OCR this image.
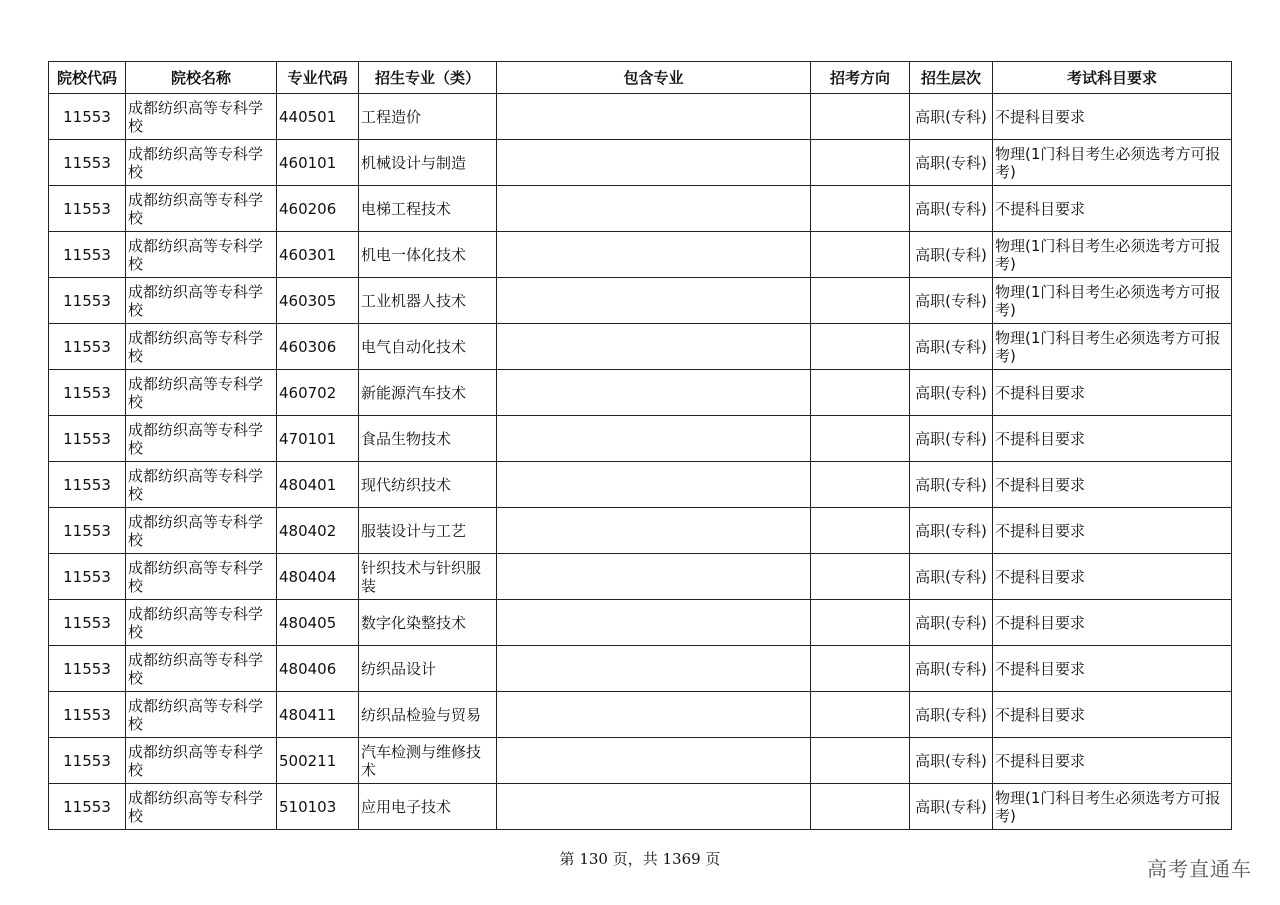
院校代码	院校名称	专业代码	招生专业（类）	包含专业	招考方向	招生层次	考试科目要求
11553	成都纺织高等专科学校	440501	工程造价			高职(专科)	不提科目要求
11553	成都纺织高等专科学校	460101	机械设计与制造			高职(专科)	物理(1门科目考生必须选考方可报考)
11553	成都纺织高等专科学校	460206	电梯工程技术			高职(专科)	不提科目要求
11553	成都纺织高等专科学校	460301	机电一体化技术			高职(专科)	物理(1门科目考生必须选考方可报考)
11553	成都纺织高等专科学校	460305	工业机器人技术			高职(专科)	物理(1门科目考生必须选考方可报考)
11553	成都纺织高等专科学校	460306	电气自动化技术			高职(专科)	物理(1门科目考生必须选考方可报考)
11553	成都纺织高等专科学校	460702	新能源汽车技术			高职(专科)	不提科目要求
11553	成都纺织高等专科学校	470101	食品生物技术			高职(专科)	不提科目要求
11553	成都纺织高等专科学校	480401	现代纺织技术			高职(专科)	不提科目要求
11553	成都纺织高等专科学校	480402	服装设计与工艺			高职(专科)	不提科目要求
11553	成都纺织高等专科学校	480404	针织技术与针织服装			高职(专科)	不提科目要求
11553	成都纺织高等专科学校	480405	数字化染整技术			高职(专科)	不提科目要求
11553	成都纺织高等专科学校	480406	纺织品设计			高职(专科)	不提科目要求
11553	成都纺织高等专科学校	480411	纺织品检验与贸易			高职(专科)	不提科目要求
11553	成都纺织高等专科学校	500211	汽车检测与维修技术			高职(专科)	不提科目要求
11553	成都纺织高等专科学校	510103	应用电子技术			高职(专科)	物理(1门科目考生必须选考方可报考)
第 130 页，共 1369 页	高考直通车
